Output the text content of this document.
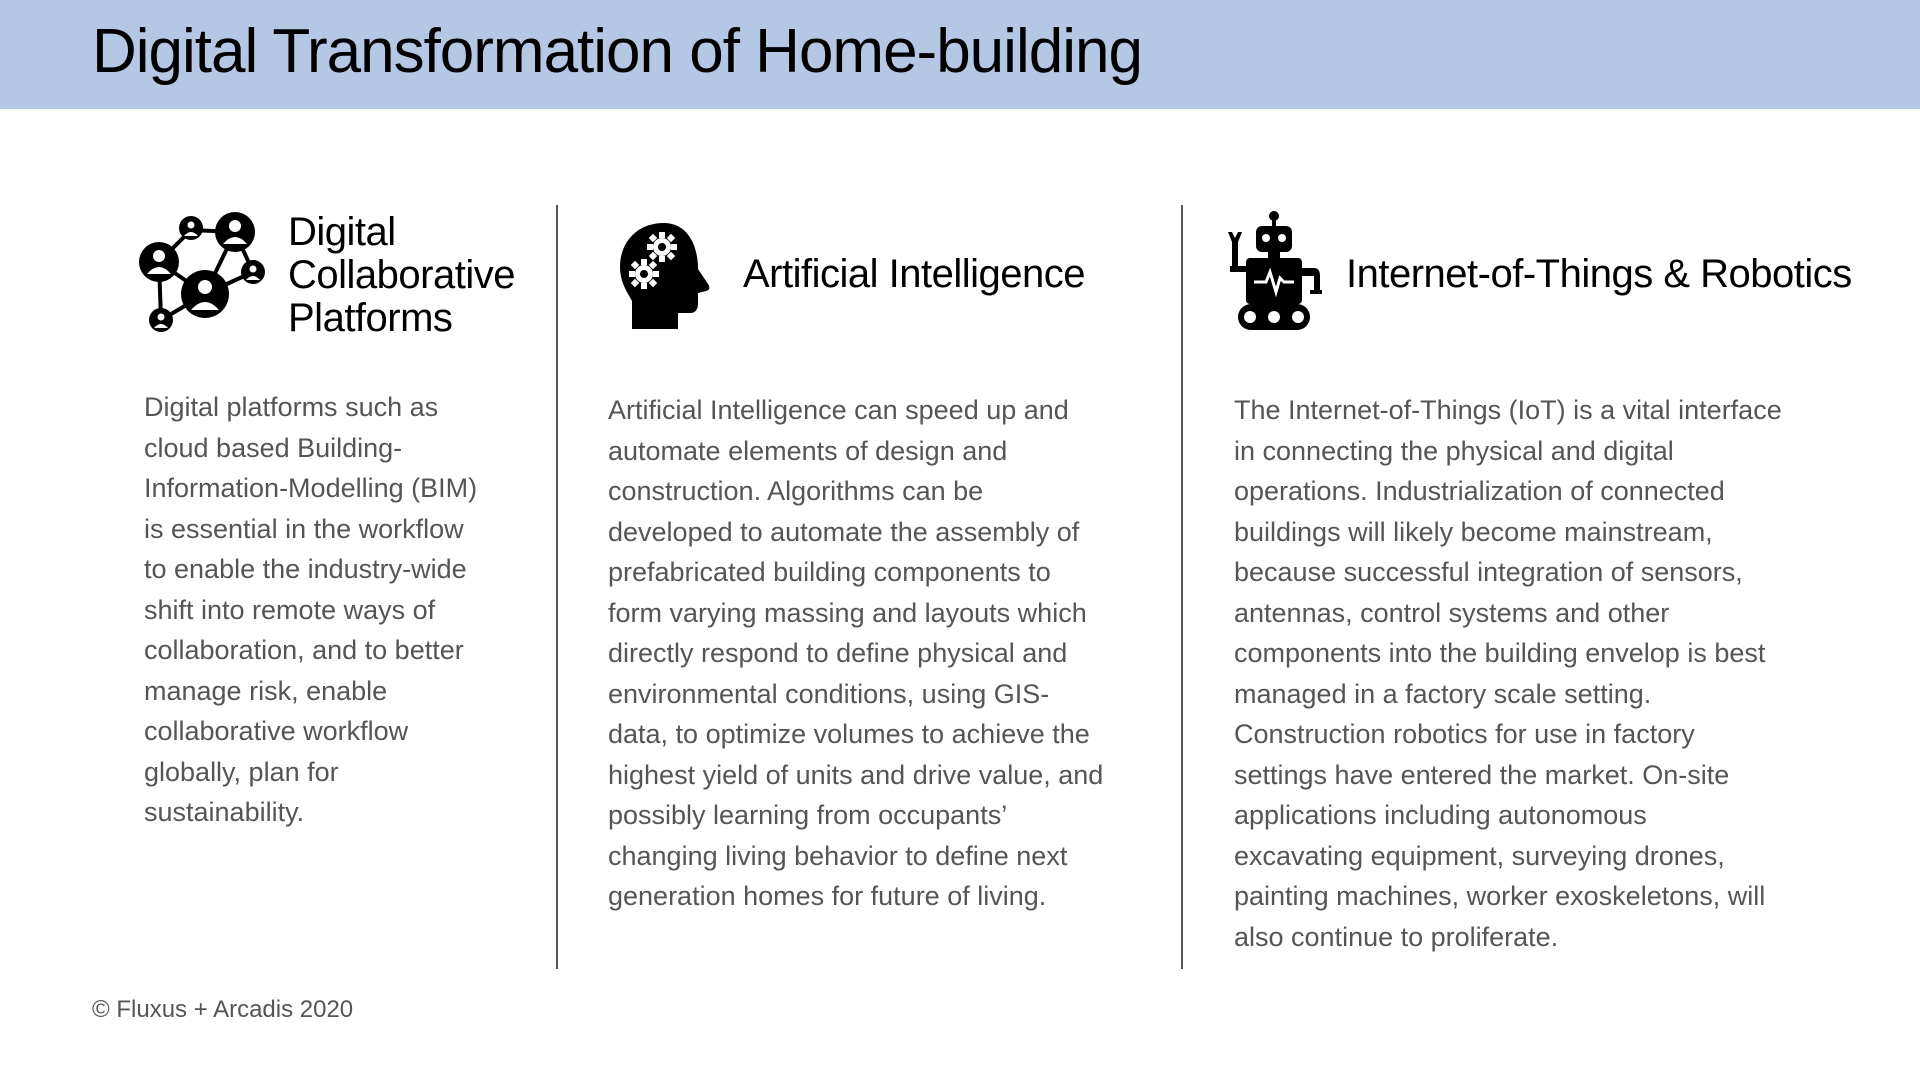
Digital Transformation of Home-building
Digital
Collaborative
Platforms
Digital platforms such as
cloud based Building-
Information-Modelling (BIM)
is essential in the workflow
to enable the industry-wide
shift into remote ways of
collaboration, and to better
manage risk, enable
collaborative workflow
globally, plan for
sustainability.
Artificial Intelligence
Artificial Intelligence can speed up and
automate elements of design and
construction. Algorithms can be
developed to automate the assembly of
prefabricated building components to
form varying massing and layouts which
directly respond to define physical and
environmental conditions, using GIS-
data, to optimize volumes to achieve the
highest yield of units and drive value, and
possibly learning from occupants’
changing living behavior to define next
generation homes for future of living.
Internet-of-Things & Robotics
The Internet-of-Things (IoT) is a vital interface
in connecting the physical and digital
operations. Industrialization of connected
buildings will likely become mainstream,
because successful integration of sensors,
antennas, control systems and other
components into the building envelop is best
managed in a factory scale setting.
Construction robotics for use in factory
settings have entered the market. On-site
applications including autonomous
excavating equipment, surveying drones,
painting machines, worker exoskeletons, will
also continue to proliferate.
© Fluxus + Arcadis 2020
